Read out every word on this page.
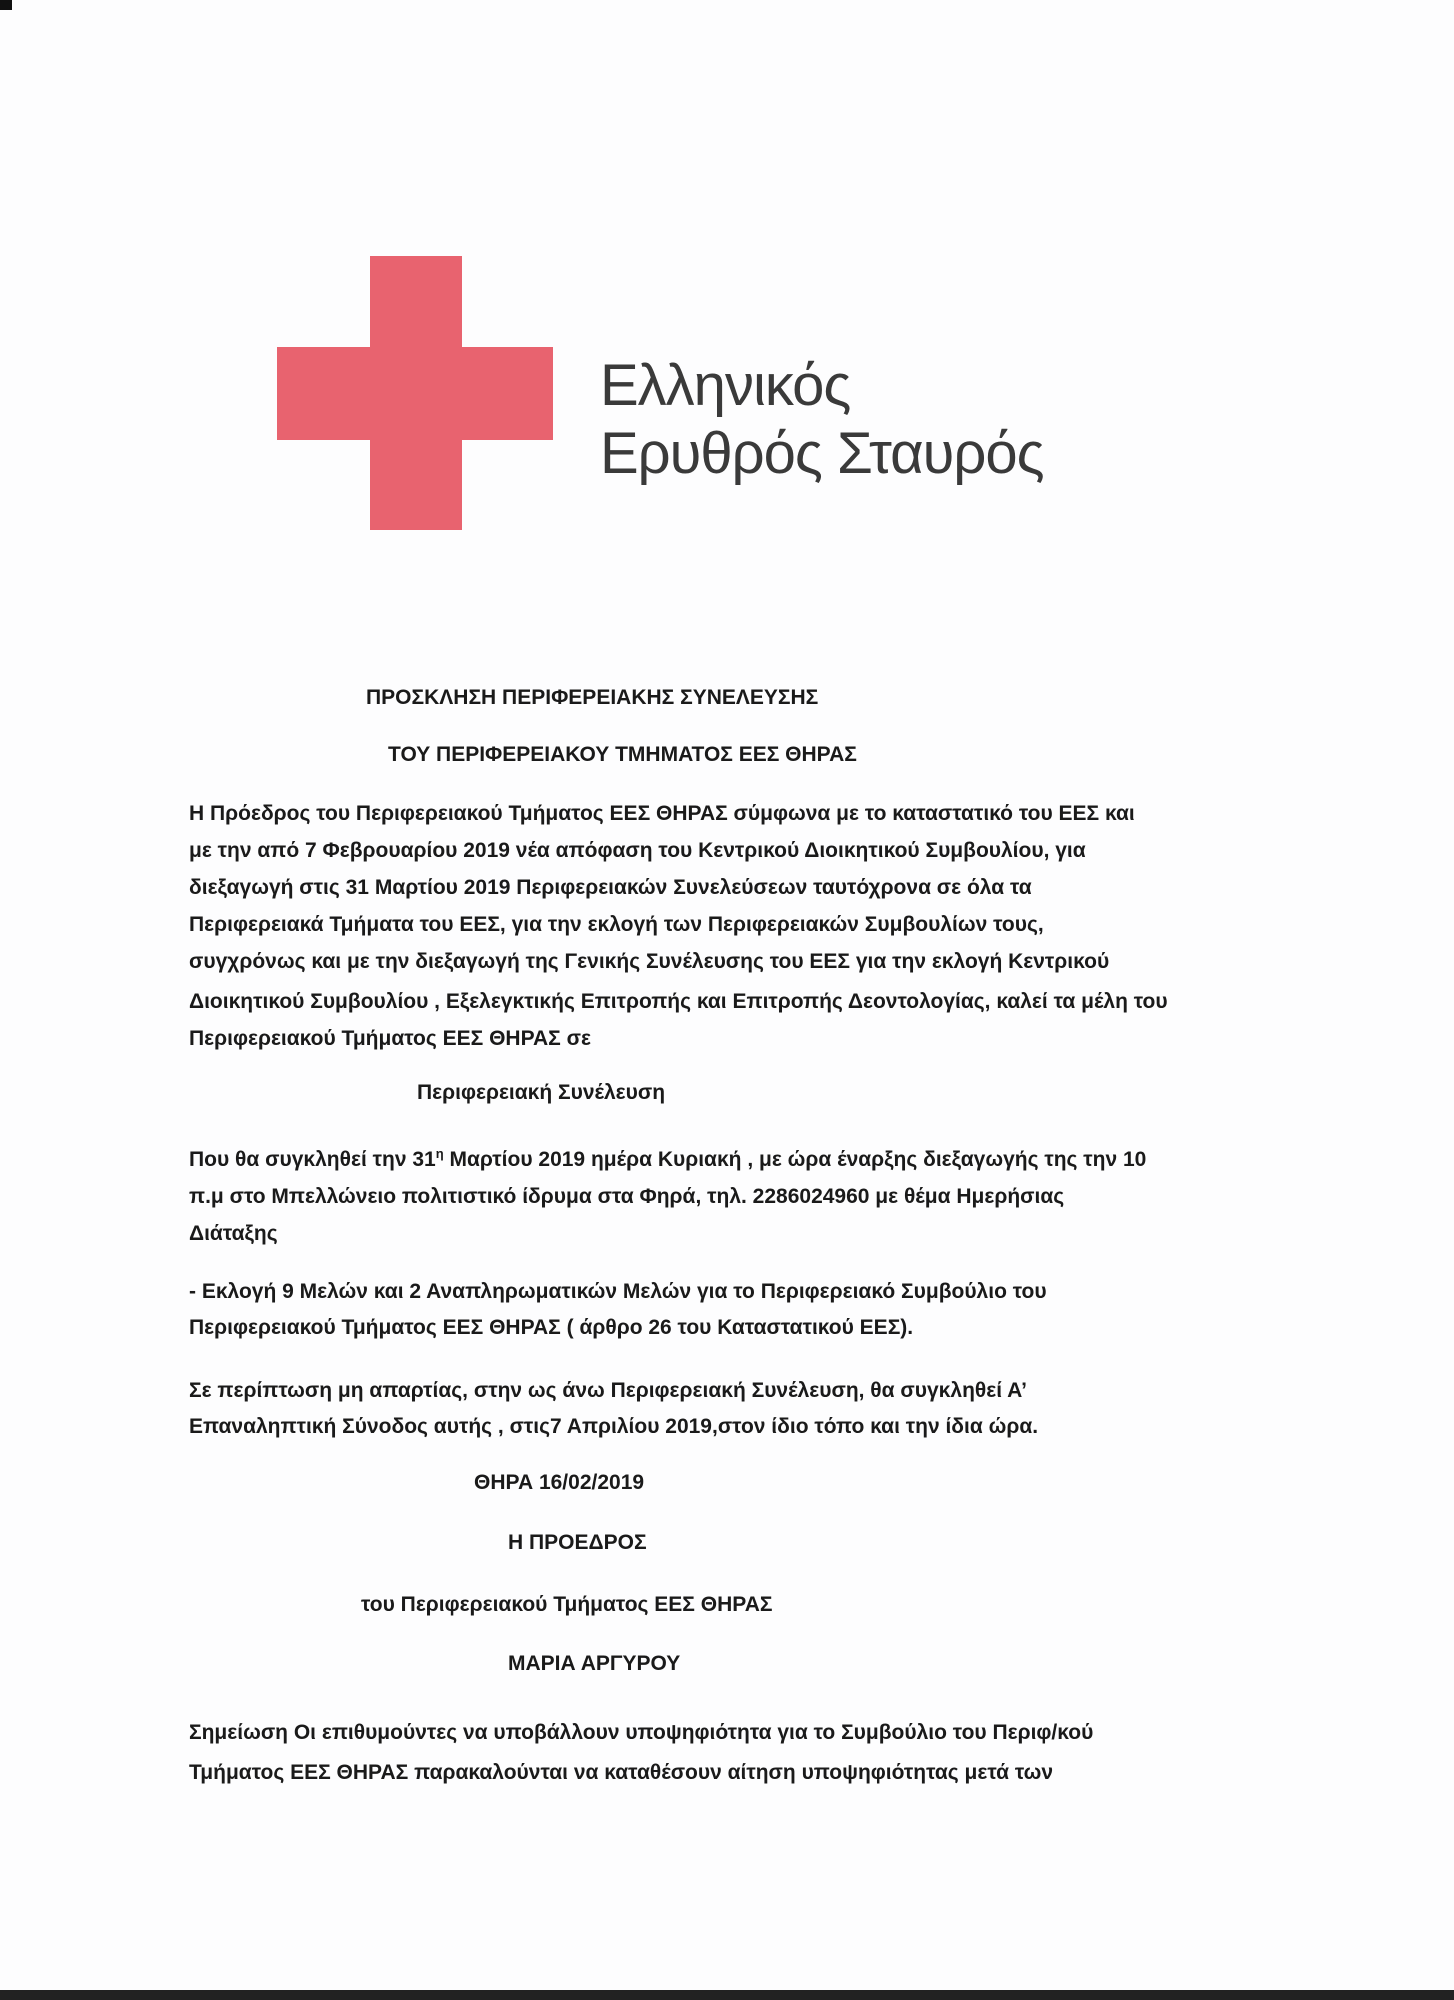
Ελληνικός
Ερυθρός Σταυρός
ΠΡΟΣΚΛΗΣΗ ΠΕΡΙΦΕΡΕΙΑΚΗΣ ΣΥΝΕΛΕΥΣΗΣ
ΤΟΥ ΠΕΡΙΦΕΡΕΙΑΚΟΥ ΤΜΗΜΑΤΟΣ ΕΕΣ ΘΗΡΑΣ
Η Πρόεδρος του Περιφερειακού Τμήματος ΕΕΣ ΘΗΡΑΣ σύμφωνα με το καταστατικό του ΕΕΣ και
με την από 7 Φεβρουαρίου 2019 νέα απόφαση του Κεντρικού Διοικητικού Συμβουλίου, για
διεξαγωγή στις 31 Μαρτίου 2019 Περιφερειακών Συνελεύσεων ταυτόχρονα σε όλα τα
Περιφερειακά Τμήματα του ΕΕΣ, για την εκλογή των Περιφερειακών Συμβουλίων τους,
συγχρόνως και με την διεξαγωγή της Γενικής Συνέλευσης του ΕΕΣ για την εκλογή Κεντρικού
Διοικητικού Συμβουλίου , Εξελεγκτικής Επιτροπής και Επιτροπής Δεοντολογίας, καλεί τα μέλη του
Περιφερειακού Τμήματος ΕΕΣ ΘΗΡΑΣ σε
Περιφερειακή Συνέλευση
Που θα συγκληθεί την $31^\eta$ Μαρτίου 2019 ημέρα Κυριακή , με ώρα έναρξης διεξαγωγής της την 10
π.μ στο Μπελλώνειο πολιτιστικό ίδρυμα στα Φηρά, τηλ. 2286024960 με θέμα Ημερήσιας
Διάταξης
- Εκλογή 9 Μελών και 2 Αναπληρωματικών Μελών για το Περιφερειακό Συμβούλιο του
Περιφερειακού Τμήματος ΕΕΣ ΘΗΡΑΣ ( άρθρο 26 του Καταστατικού ΕΕΣ).
Σε περίπτωση μη απαρτίας, στην ως άνω Περιφερειακή Συνέλευση, θα συγκληθεί Α’
Επαναληπτική Σύνοδος αυτής , στις7 Απριλίου 2019,στον ίδιο τόπο και την ίδια ώρα.
ΘΗΡΑ 16/02/2019
Η ΠΡΟΕΔΡΟΣ
του Περιφερειακού Τμήματος ΕΕΣ ΘΗΡΑΣ
ΜΑΡΙΑ ΑΡΓΥΡΟΥ
Σημείωση Οι επιθυμούντες να υποβάλλουν υποψηφιότητα για το Συμβούλιο του Περιφ/κού
Τμήματος ΕΕΣ ΘΗΡΑΣ παρακαλούνται να καταθέσουν αίτηση υποψηφιότητας μετά των
